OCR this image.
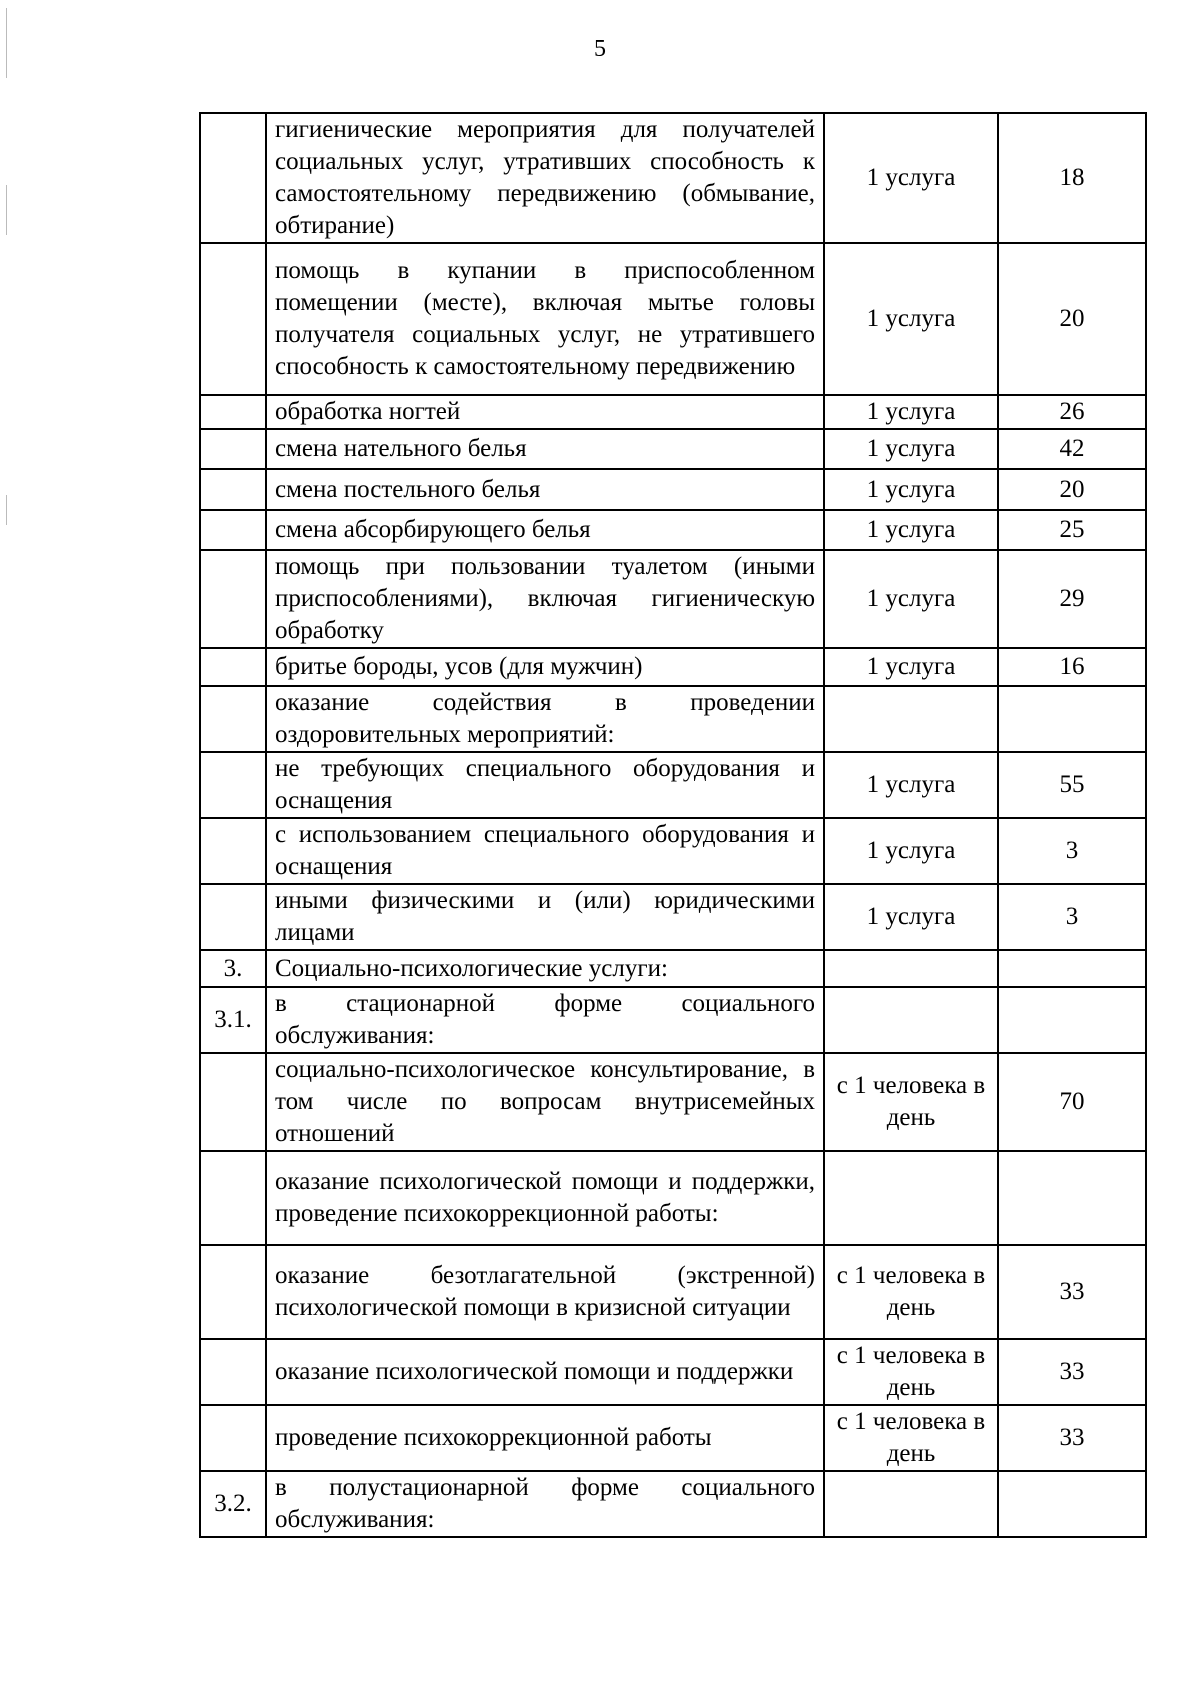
5
	гигиенические мероприятия для получателей социальных услуг, утративших способность к самостоятельному передвижению (обмывание, обтирание)	1 услуга	18
	помощь в купании в приспособленном помещении (месте), включая мытье головы получателя социальных услуг, не утратившего способность к самостоятельному передвижению	1 услуга	20
	обработка ногтей	1 услуга	26
	смена нательного белья	1 услуга	42
	смена постельного белья	1 услуга	20
	смена абсорбирующего белья	1 услуга	25
	помощь при пользовании туалетом (иными приспособлениями), включая гигиеническую обработку	1 услуга	29
	бритье бороды, усов (для мужчин)	1 услуга	16
	оказание содействия в проведении оздоровительных мероприятий:		
	не требующих специального оборудования и оснащения	1 услуга	55
	с использованием специального оборудования и оснащения	1 услуга	3
	иными физическими и (или) юридическими лицами	1 услуга	3
3.	Социально-психологические услуги:		
3.1.	в стационарной форме социального обслуживания:		
	социально-психологическое консультирование, в том числе по вопросам внутрисемейных отношений	с 1 человека в день	70
	оказание психологической помощи и поддержки, проведение психокоррекционной работы:		
	оказание безотлагательной (экстренной) психологической помощи в кризисной ситуации	с 1 человека в день	33
	оказание психологической помощи и поддержки	с 1 человека в день	33
	проведение психокоррекционной работы	с 1 человека в день	33
3.2.	в полустационарной форме социального обслуживания:		
